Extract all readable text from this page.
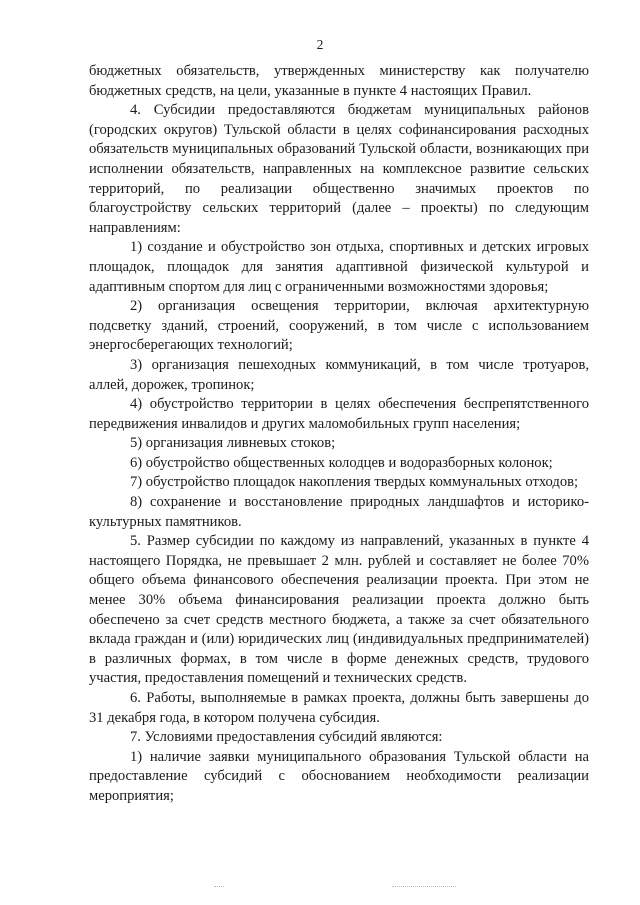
2

бюджетных обязательств, утвержденных министерству как получателю бюджетных средств, на цели, указанные в пункте 4 настоящих Правил.

4. Субсидии предоставляются бюджетам муниципальных районов (городских округов) Тульской области в целях софинансирования расходных обязательств муниципальных образований Тульской области, возникающих при исполнении обязательств, направленных на комплексное развитие сельских территорий, по реализации общественно значимых проектов по благоустройству сельских территорий (далее – проекты) по следующим направлениям:

1) создание и обустройство зон отдыха, спортивных и детских игровых площадок, площадок для занятия адаптивной физической культурой и адаптивным спортом для лиц с ограниченными возможностями здоровья;

2) организация освещения территории, включая архитектурную подсветку зданий, строений, сооружений, в том числе с использованием энергосберегающих технологий;

3) организация пешеходных коммуникаций, в том числе тротуаров, аллей, дорожек, тропинок;

4) обустройство территории в целях обеспечения беспрепятственного передвижения инвалидов и других маломобильных групп населения;

5) организация ливневых стоков;

6) обустройство общественных колодцев и водоразборных колонок;

7) обустройство площадок накопления твердых коммунальных отходов;

8) сохранение и восстановление природных ландшафтов и историко-культурных памятников.

5. Размер субсидии по каждому из направлений, указанных в пункте 4 настоящего Порядка, не превышает 2 млн. рублей и составляет не более 70% общего объема финансового обеспечения реализации проекта. При этом не менее 30% объема финансирования реализации проекта должно быть обеспечено за счет средств местного бюджета, а также за счет обязательного вклада граждан и (или) юридических лиц (индивидуальных предпринимателей) в различных формах, в том числе в форме денежных средств, трудового участия, предоставления помещений и технических средств.

6. Работы, выполняемые в рамках проекта, должны быть завершены до 31 декабря года, в котором получена субсидия.

7. Условиями предоставления субсидий являются:

1) наличие заявки муниципального образования Тульской области на предоставление субсидий с обоснованием необходимости реализации мероприятия;
